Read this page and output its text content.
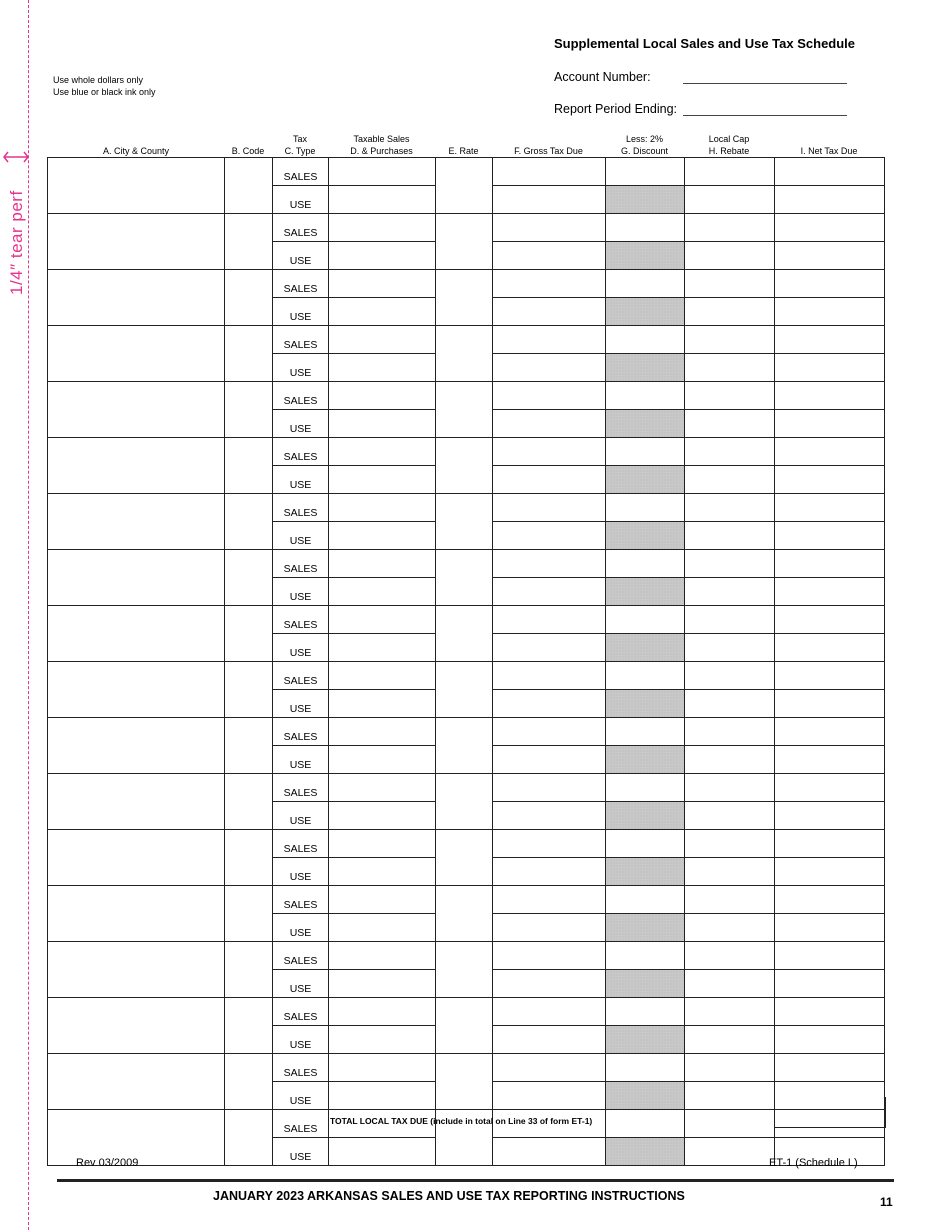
1/4″ tear perf
Supplemental Local Sales and Use Tax Schedule
Use whole dollars only
Use blue or black ink only
Account Number:
Report Period Ending:
A. City & County	B. Code
Tax
C. Type
Taxable Sales
D. & Purchases	E. Rate	F. Gross Tax Due
Less: 2%
G. Discount
Local Cap
H. Rebate	I. Net Tax Due
		SALES						
		USE						
		SALES						
		USE						
		SALES						
		USE						
		SALES						
		USE						
		SALES						
		USE						
		SALES						
		USE						
		SALES						
		USE						
		SALES						
		USE						
		SALES						
		USE						
		SALES						
		USE						
		SALES						
		USE						
		SALES						
		USE						
		SALES						
		USE						
		SALES						
		USE						
		SALES						
		USE						
		SALES						
		USE						
		SALES						
		USE						
		SALES						
		USE						
TOTAL LOCAL TAX DUE (include in total on Line 33 of form ET-1)
Rev 03/2009	ET-1 (Schedule L)
JANUARY 2023 ARKANSAS SALES AND USE TAX REPORTING INSTRUCTIONS	11
